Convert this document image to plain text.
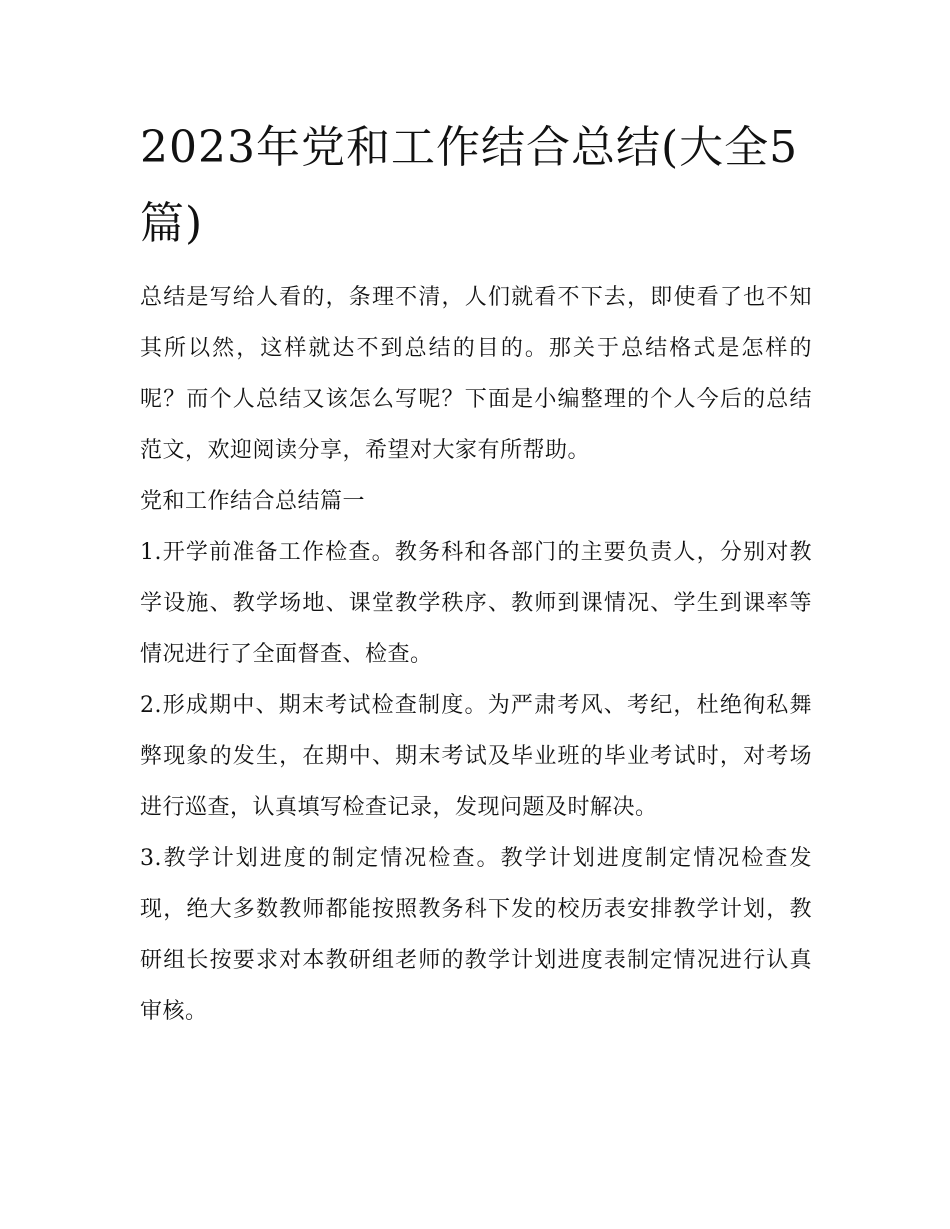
2023年党和工作结合总结(大全5篇)

总结是写给人看的，条理不清，人们就看不下去，即使看了也不知其所以然，这样就达不到总结的目的。那关于总结格式是怎样的呢？而个人总结又该怎么写呢？下面是小编整理的个人今后的总结范文，欢迎阅读分享，希望对大家有所帮助。

党和工作结合总结篇一

1.开学前准备工作检查。教务科和各部门的主要负责人，分别对教学设施、教学场地、课堂教学秩序、教师到课情况、学生到课率等情况进行了全面督查、检查。

2.形成期中、期末考试检查制度。为严肃考风、考纪，杜绝徇私舞弊现象的发生，在期中、期末考试及毕业班的毕业考试时，对考场进行巡查，认真填写检查记录，发现问题及时解决。

3.教学计划进度的制定情况检查。教学计划进度制定情况检查发现，绝大多数教师都能按照教务科下发的校历表安排教学计划，教研组长按要求对本教研组老师的教学计划进度表制定情况进行认真审核。
